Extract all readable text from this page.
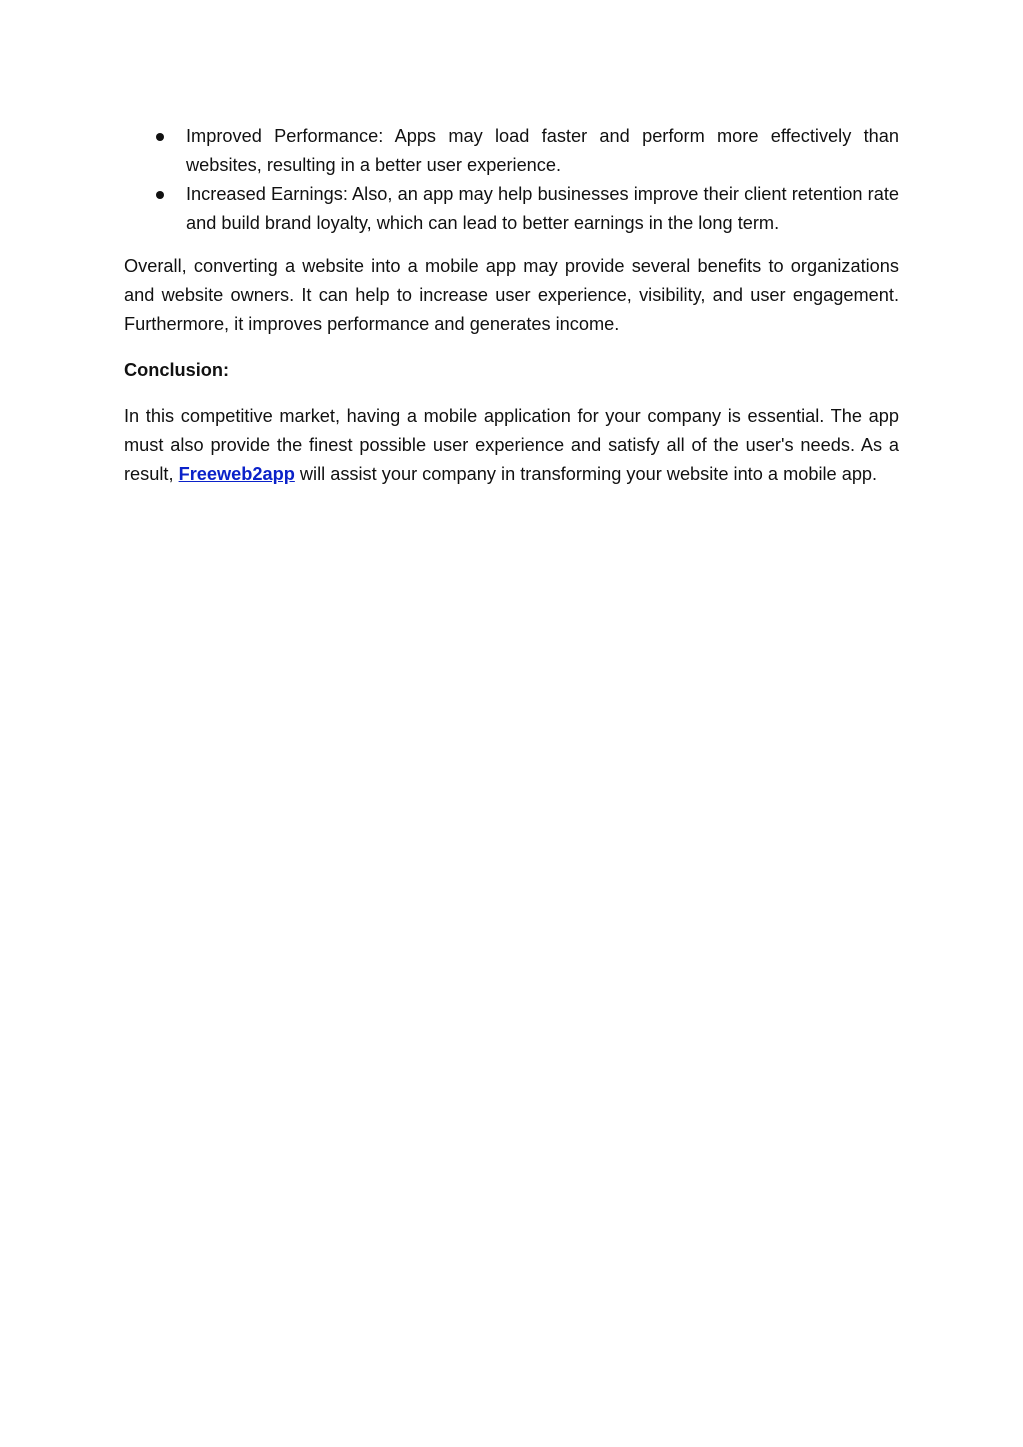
Improved Performance: Apps may load faster and perform more effectively than websites, resulting in a better user experience.
Increased Earnings: Also, an app may help businesses improve their client retention rate and build brand loyalty, which can lead to better earnings in the long term.

Overall, converting a website into a mobile app may provide several benefits to organizations and website owners. It can help to increase user experience, visibility, and user engagement. Furthermore, it improves performance and generates income.

Conclusion:

In this competitive market, having a mobile application for your company is essential. The app must also provide the finest possible user experience and satisfy all of the user's needs. As a result, Freeweb2app will assist your company in transforming your website into a mobile app.
